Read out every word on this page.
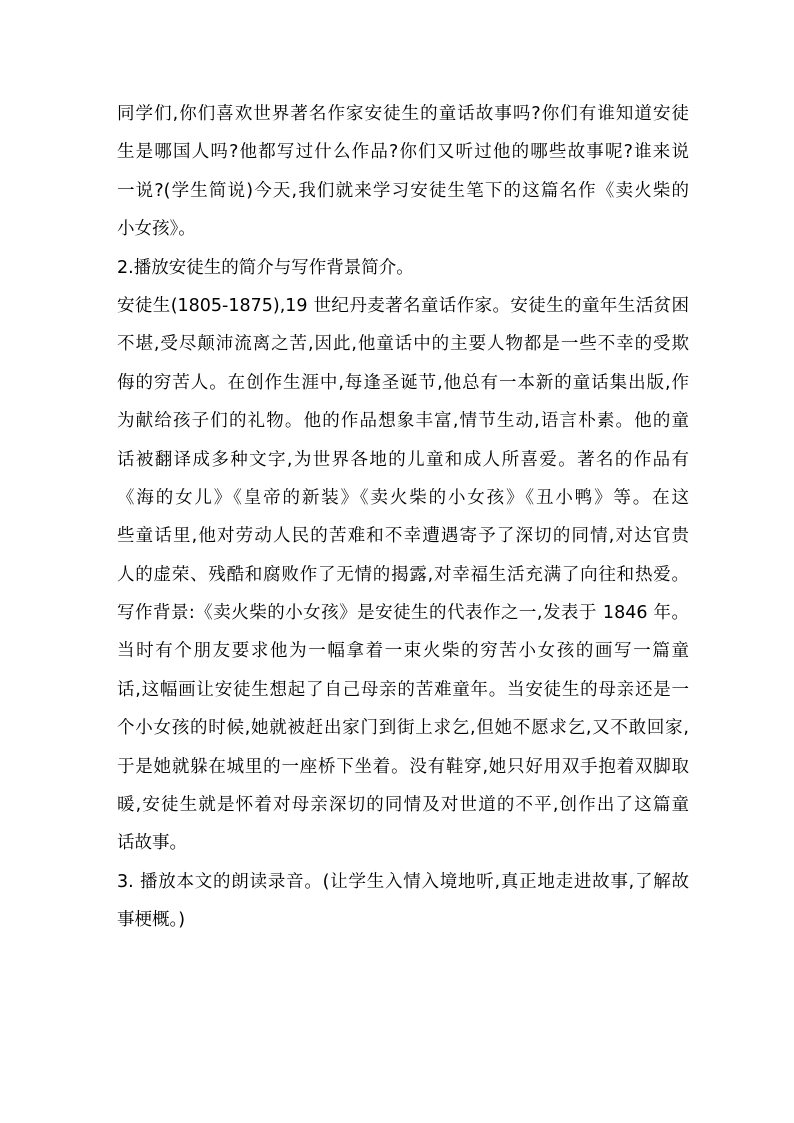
同学们,你们喜欢世界著名作家安徒生的童话故事吗?你们有谁知道安徒
生是哪国人吗?他都写过什么作品?你们又听过他的哪些故事呢?谁来说
一说?(学生简说)今天,我们就来学习安徒生笔下的这篇名作《卖火柴的
小女孩》。
2.播放安徒生的简介与写作背景简介。
安徒生(1805-1875),19 世纪丹麦著名童话作家。安徒生的童年生活贫困
不堪,受尽颠沛流离之苦,因此,他童话中的主要人物都是一些不幸的受欺
侮的穷苦人。在创作生涯中,每逢圣诞节,他总有一本新的童话集出版,作
为献给孩子们的礼物。他的作品想象丰富,情节生动,语言朴素。他的童
话被翻译成多种文字,为世界各地的儿童和成人所喜爱。著名的作品有
《海的女儿》《皇帝的新装》《卖火柴的小女孩》《丑小鸭》等。在这
些童话里,他对劳动人民的苦难和不幸遭遇寄予了深切的同情,对达官贵
人的虚荣、残酷和腐败作了无情的揭露,对幸福生活充满了向往和热爱。
写作背景:《卖火柴的小女孩》是安徒生的代表作之一,发表于 1846 年。
当时有个朋友要求他为一幅拿着一束火柴的穷苦小女孩的画写一篇童
话,这幅画让安徒生想起了自己母亲的苦难童年。当安徒生的母亲还是一
个小女孩的时候,她就被赶出家门到街上求乞,但她不愿求乞,又不敢回家,
于是她就躲在城里的一座桥下坐着。没有鞋穿,她只好用双手抱着双脚取
暖,安徒生就是怀着对母亲深切的同情及对世道的不平,创作出了这篇童
话故事。
3. 播放本文的朗读录音。(让学生入情入境地听,真正地走进故事,了解故
事梗概。)
